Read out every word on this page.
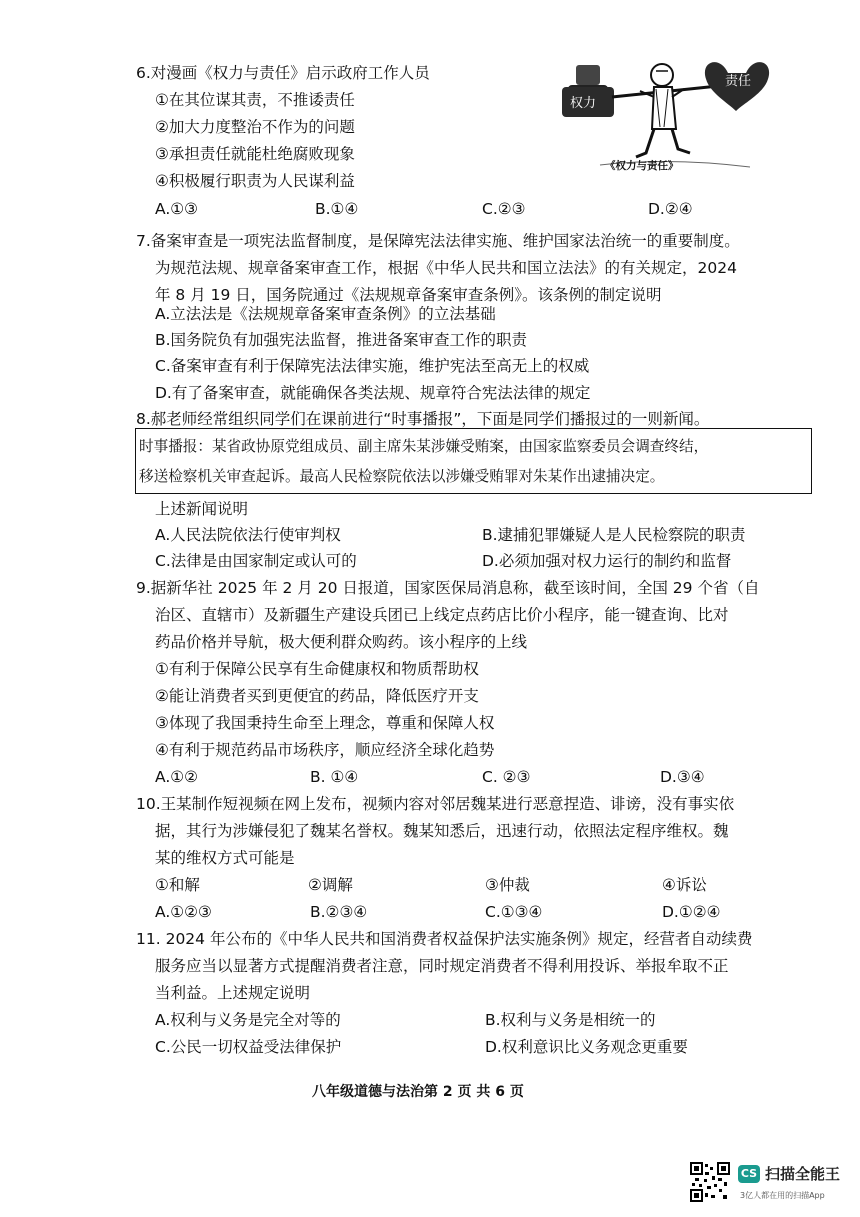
6.对漫画《权力与责任》启示政府工作人员
①在其位谋其责，不推诿责任
②加大力度整治不作为的问题
③承担责任就能杜绝腐败现象
④积极履行职责为人民谋利益
A.①③	B.①④	C.②③	D.②④
权力
责任
《权力与责任》
7.备案审查是一项宪法监督制度，是保障宪法法律实施、维护国家法治统一的重要制度。
为规范法规、规章备案审查工作，根据《中华人民共和国立法法》的有关规定，2024
年 8 月 19 日，国务院通过《法规规章备案审查条例》。该条例的制定说明
A.立法法是《法规规章备案审查条例》的立法基础
B.国务院负有加强宪法监督，推进备案审查工作的职责
C.备案审查有利于保障宪法法律实施，维护宪法至高无上的权威
D.有了备案审查，就能确保各类法规、规章符合宪法法律的规定
8.郝老师经常组织同学们在课前进行“时事播报”，下面是同学们播报过的一则新闻。
时事播报：某省政协原党组成员、副主席朱某涉嫌受贿案，由国家监察委员会调查终结，
移送检察机关审查起诉。最高人民检察院依法以涉嫌受贿罪对朱某作出逮捕决定。
上述新闻说明
A.人民法院依法行使审判权	B.逮捕犯罪嫌疑人是人民检察院的职责
C.法律是由国家制定或认可的	D.必须加强对权力运行的制约和监督
9.据新华社 2025 年 2 月 20 日报道，国家医保局消息称，截至该时间，全国 29 个省（自
治区、直辖市）及新疆生产建设兵团已上线定点药店比价小程序，能一键查询、比对
药品价格并导航，极大便利群众购药。该小程序的上线
①有利于保障公民享有生命健康权和物质帮助权
②能让消费者买到更便宜的药品，降低医疗开支
③体现了我国秉持生命至上理念，尊重和保障人权
④有利于规范药品市场秩序，顺应经济全球化趋势
A.①②	B. ①④	C. ②③	D.③④
10.王某制作短视频在网上发布，视频内容对邻居魏某进行恶意捏造、诽谤，没有事实依
据，其行为涉嫌侵犯了魏某名誉权。魏某知悉后，迅速行动，依照法定程序维权。魏
某的维权方式可能是
①和解	②调解	③仲裁	④诉讼
A.①②③	B.②③④	C.①③④	D.①②④
11. 2024 年公布的《中华人民共和国消费者权益保护法实施条例》规定，经营者自动续费
服务应当以显著方式提醒消费者注意，同时规定消费者不得利用投诉、举报牟取不正
当利益。上述规定说明
A.权利与义务是完全对等的	B.权利与义务是相统一的
C.公民一切权益受法律保护	D.权利意识比义务观念更重要
八年级道德与法治第 2 页 共 6 页
CS 扫描全能王
3亿人都在用的扫描App
